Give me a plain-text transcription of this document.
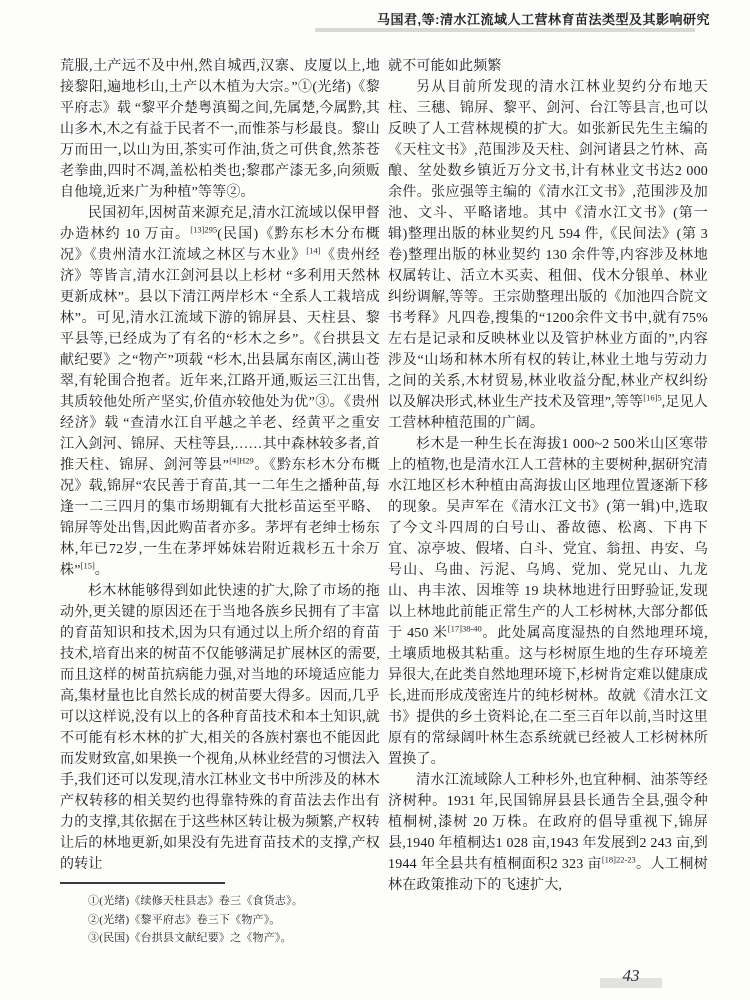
马国君,等:清水江流域人工营林育苗法类型及其影响研究

荒服,土产远不及中州,然自城西,汉寨、皮厦以上,地接黎阳,遍地杉山,土产以木植为大宗。”①(光绪)《黎平府志》载 “黎平介楚粤滇蜀之间,先属楚,今属黔,其山多木,木之有益于民者不一,而惟茶与杉最良。黎山万而田一,以山为田,茶实可作油,货之可供食,然茶苍老拳曲,四时不凋,盖松柏类也;黎郡产漆无多,向须贩自他境,近来广为种植”等等②。

民国初年,因树苗来源充足,清水江流域以保甲督办造林约 10 万亩。$^{[13]295}$(民国)《黔东杉木分布概况》《贵州清水江流域之林区与木业》[14]《贵州经济》等皆言,清水江剑河县以上杉材 “多利用天然林更新成林”。县以下清江两岸杉木 “全系人工栽培成林”。可见,清水江流域下游的锦屏县、天柱县、黎平县等,已经成为了有名的“杉木之乡”。《台拱县文献纪要》之“物产”项载 “杉木,出县属东南区,满山苍翠,有轮围合抱者。近年来,江路开通,贩运三江出售,其质较他处所产坚实,价值亦较他处为优”③。《贵州经济》载 “查清水江自平越之羊老、经黄平之重安江入剑河、锦屏、天柱等县,……其中森林较多者,首推天柱、锦屏、剑河等县”$^{[4]H29}$。《黔东杉木分布概况》载,锦屏“农民善于育苗,其一二年生之播种苗,每逢一二三四月的集市场期辄有大批杉苗运至平略、锦屏等处出售,因此购苗者亦多。茅坪有老绅士杨东林,年已72岁,一生在茅坪姊妹岩附近栽杉五十余万株”[15]。

杉木林能够得到如此快速的扩大,除了市场的拖动外,更关键的原因还在于当地各族乡民拥有了丰富的育苗知识和技术,因为只有通过以上所介绍的育苗技术,培育出来的树苗不仅能够满足扩展林区的需要,而且这样的树苗抗病能力强,对当地的环境适应能力高,集材量也比自然长成的树苗要大得多。因而,几乎可以这样说,没有以上的各种育苗技术和本土知识,就不可能有杉木林的扩大,相关的各族村寨也不能因此而发财致富,如果换一个视角,从林业经营的习惯法入手,我们还可以发现,清水江林业文书中所涉及的林木产权转移的相关契约也得靠特殊的育苗法去作出有力的支撑,其依据在于这些林区转让极为频繁,产权转让后的林地更新,如果没有先进育苗技术的支撑,产权的转让

①(光绪)《续修天柱县志》卷三《食货志》。
②(光绪)《黎平府志》卷三下《物产》。
③(民国)《台拱县文献纪要》之《物产》。

就不可能如此频繁

另从目前所发现的清水江林业契约分布地天柱、三穗、锦屏、黎平、剑河、台江等县言,也可以反映了人工营林规模的扩大。如张新民先生主编的《天柱文书》,范围涉及天柱、剑河诸县之竹林、高酿、坌处数乡镇近万分文书,计有林业文书达2 000余件。张应强等主编的《清水江文书》,范围涉及加池、文斗、平略诸地。其中《清水江文书》(第一辑)整理出版的林业契约凡 594 件,《民间法》(第 3 卷)整理出版的林业契约 130 余件等,内容涉及林地权属转让、活立木买卖、租佃、伐木分银单、林业纠纷调解,等等。王宗勋整理出版的《加池四合院文书考释》凡四卷,搜集的“1200余件文书中,就有75%左右是记录和反映林业以及管护林业方面的”,内容涉及“山场和林木所有权的转让,林业土地与劳动力之间的关系,木材贸易,林业收益分配,林业产权纠纷以及解决形式,林业生产技术及管理”,等等$^{[16]5}$,足见人工营林种植范围的广阔。

杉木是一种生长在海拔1 000~2 500米山区寒带上的植物,也是清水江人工营林的主要树种,据研究清水江地区杉木种植由高海拔山区地理位置逐渐下移的现象。吴声军在《清水江文书》(第一辑)中,选取了今文斗四周的白号山、番故德、松离、下冉下宜、凉亭坡、假堵、白斗、党宜、翁扭、冉安、乌号山、乌曲、污泥、乌鸠、党加、党兄山、九龙山、冉丰浓、因堆等 19 块林地进行田野验证,发现以上林地此前能正常生产的人工杉树林,大部分都低于 450 米$^{[17]38-40}$。此处属高度湿热的自然地理环境,土壤质地极其粘重。这与杉树原生地的生存环境差异很大,在此类自然地理环境下,杉树肯定难以健康成长,进而形成茂密连片的纯杉树林。故就《清水江文书》提供的乡土资料论,在二至三百年以前,当时这里原有的常绿阔叶林生态系统就已经被人工杉树林所置换了。

清水江流域除人工种杉外,也宜种桐、油茶等经济树种。1931 年,民国锦屏县县长通告全县,强令种植桐树,漆树 20 万株。在政府的倡导重视下,锦屏县,1940 年植桐达1 028 亩,1943 年发展到2 243 亩,到 1944 年全县共有植桐面积2 323 亩$^{[18]22-23}$。人工桐树林在政策推动下的飞速扩大,

43
